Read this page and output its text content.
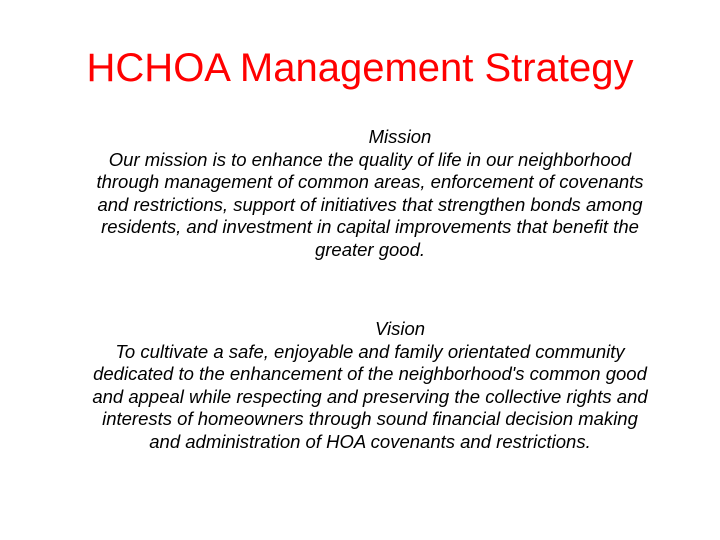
HCHOA Management Strategy
Mission
Our mission is to enhance the quality of life in our neighborhood
through management of common areas, enforcement of covenants
and restrictions, support of initiatives that strengthen bonds among
residents, and investment in capital improvements that benefit the
greater good.
Vision
To cultivate a safe, enjoyable and family orientated community
dedicated to the enhancement of the neighborhood's common good
and appeal while respecting and preserving the collective rights and
interests of homeowners through sound financial decision making
and administration of HOA covenants and restrictions.
